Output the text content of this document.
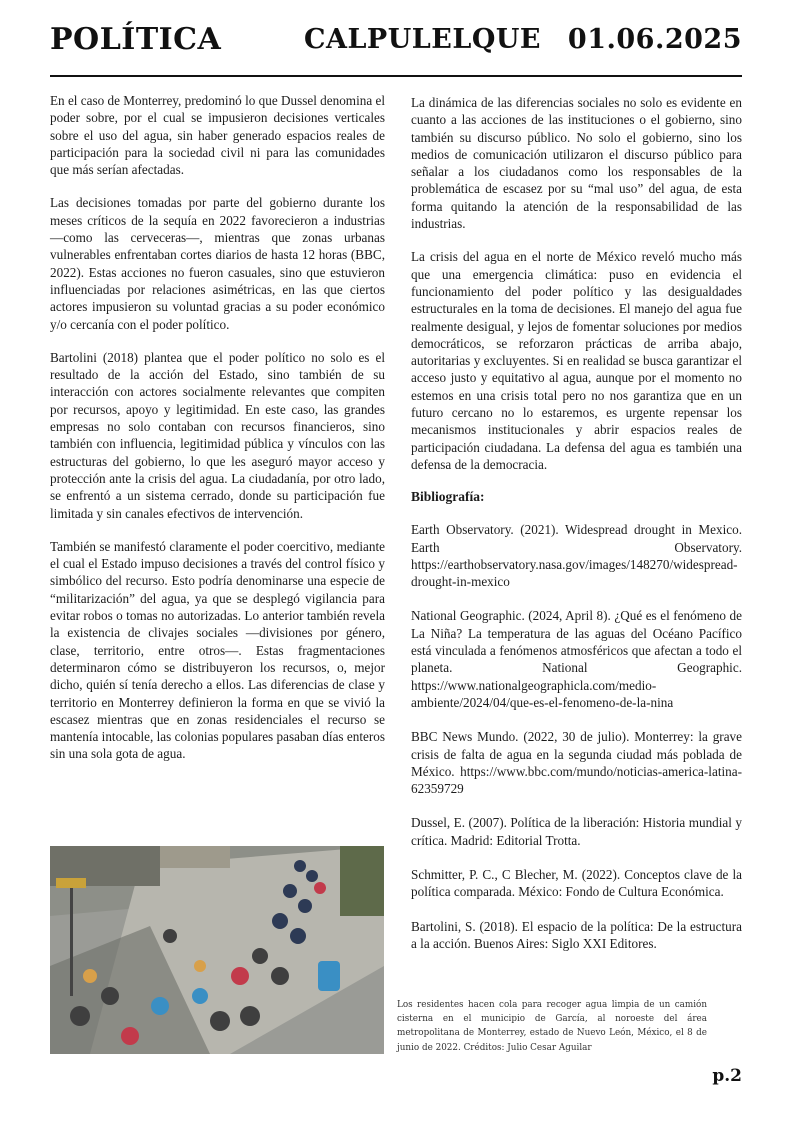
POLÍTICA	CALPULELQUE 01.06.2025

En el caso de Monterrey, predominó lo que Dussel denomina el poder sobre, por el cual se impusieron decisiones verticales sobre el uso del agua, sin haber generado espacios reales de participación para la sociedad civil ni para las comunidades que más serían afectadas.

Las decisiones tomadas por parte del gobierno durante los meses críticos de la sequía en 2022 favorecieron a industrias —como las cerveceras—, mientras que zonas urbanas vulnerables enfrentaban cortes diarios de hasta 12 horas (BBC, 2022). Estas acciones no fueron casuales, sino que estuvieron influenciadas por relaciones asimétricas, en las que ciertos actores impusieron su voluntad gracias a su poder económico y/o cercanía con el poder político.

Bartolini (2018) plantea que el poder político no solo es el resultado de la acción del Estado, sino también de su interacción con actores socialmente relevantes que compiten por recursos, apoyo y legitimidad. En este caso, las grandes empresas no solo contaban con recursos financieros, sino también con influencia, legitimidad pública y vínculos con las estructuras del gobierno, lo que les aseguró mayor acceso y protección ante la crisis del agua. La ciudadanía, por otro lado, se enfrentó a un sistema cerrado, donde su participación fue limitada y sin canales efectivos de intervención.

También se manifestó claramente el poder coercitivo, mediante el cual el Estado impuso decisiones a través del control físico y simbólico del recurso. Esto podría denominarse una especie de “militarización” del agua, ya que se desplegó vigilancia para evitar robos o tomas no autorizadas. Lo anterior también revela la existencia de clivajes sociales —divisiones por género, clase, territorio, entre otros—. Estas fragmentaciones determinaron cómo se distribuyeron los recursos, o, mejor dicho, quién sí tenía derecho a ellos. Las diferencias de clase y territorio en Monterrey definieron la forma en que se vivió la escasez mientras que en zonas residenciales el recurso se mantenía intocable, las colonias populares pasaban días enteros sin una sola gota de agua.

La dinámica de las diferencias sociales no solo es evidente en cuanto a las acciones de las instituciones o el gobierno, sino también su discurso público. No solo el gobierno, sino los medios de comunicación utilizaron el discurso público para señalar a los ciudadanos como los responsables de la problemática de escasez por su “mal uso” del agua, de esta forma quitando la atención de la responsabilidad de las industrias.

La crisis del agua en el norte de México reveló mucho más que una emergencia climática: puso en evidencia el funcionamiento del poder político y las desigualdades estructurales en la toma de decisiones. El manejo del agua fue realmente desigual, y lejos de fomentar soluciones por medios democráticos, se reforzaron prácticas de arriba abajo, autoritarias y excluyentes. Si en realidad se busca garantizar el acceso justo y equitativo al agua, aunque por el momento no estemos en una crisis total pero no nos garantiza que en un futuro cercano no lo estaremos, es urgente repensar los mecanismos institucionales y abrir espacios reales de participación ciudadana. La defensa del agua es también una defensa de la democracia.

Bibliografía:

Earth Observatory. (2021). Widespread drought in Mexico. Earth Observatory. https://earthobservatory.nasa.gov/images/148270/widespread-drought-in-mexico

National Geographic. (2024, April 8). ¿Qué es el fenómeno de La Niña? La temperatura de las aguas del Océano Pacífico está vinculada a fenómenos atmosféricos que afectan a todo el planeta. National Geographic. https://www.nationalgeographicla.com/medio-ambiente/2024/04/que-es-el-fenomeno-de-la-nina

BBC News Mundo. (2022, 30 de julio). Monterrey: la grave crisis de falta de agua en la segunda ciudad más poblada de México. https://www.bbc.com/mundo/noticias-america-latina-62359729

Dussel, E. (2007). Política de la liberación: Historia mundial y crítica. Madrid: Editorial Trotta.

Schmitter, P. C., C Blecher, M. (2022). Conceptos clave de la política comparada. México: Fondo de Cultura Económica.

Bartolini, S. (2018). El espacio de la política: De la estructura a la acción. Buenos Aires: Siglo XXI Editores.

Los residentes hacen cola para recoger agua limpia de un camión cisterna en el municipio de García, al noroeste del área metropolitana de Monterrey, estado de Nuevo León, México, el 8 de junio de 2022. Créditos: Julio Cesar Aguilar
p.2
